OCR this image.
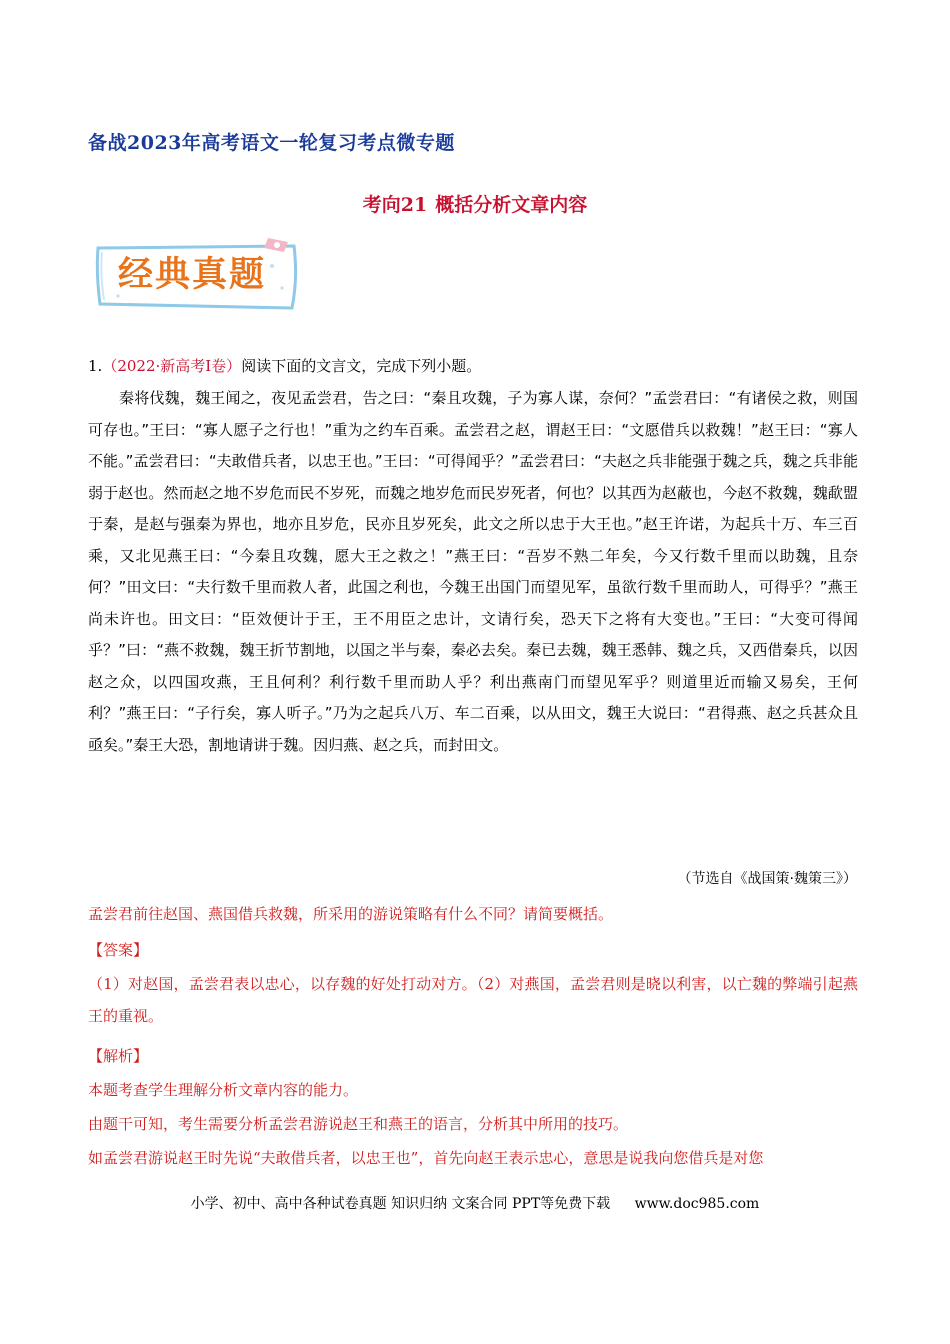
备战2023年高考语文一轮复习考点微专题
考向21 概括分析文章内容
经典真题
1.（2022·新高考I卷）阅读下面的文言文，完成下列小题。
秦将伐魏，魏王闻之，夜见孟尝君，告之曰：“秦且攻魏，子为寡人谋，奈何？”孟尝君曰：“有诸侯之救，则国可存也。”王曰：“寡人愿子之行也！”重为之约车百乘。孟尝君之赵，谓赵王曰：“文愿借兵以救魏！”赵王曰：“寡人不能。”孟尝君曰：“夫敢借兵者，以忠王也。”王曰：“可得闻乎？”孟尝君曰：“夫赵之兵非能强于魏之兵，魏之兵非能弱于赵也。然而赵之地不岁危而民不岁死，而魏之地岁危而民岁死者，何也？以其西为赵蔽也，今赵不救魏，魏歃盟于秦，是赵与强秦为界也，地亦且岁危，民亦且岁死矣，此文之所以忠于大王也。”赵王许诺，为起兵十万、车三百乘，又北见燕王曰：“今秦且攻魏，愿大王之救之！”燕王曰：“吾岁不熟二年矣，今又行数千里而以助魏，且奈何？”田文曰：“夫行数千里而救人者，此国之利也，今魏王出国门而望见军，虽欲行数千里而助人，可得乎？”燕王尚未许也。田文曰：“臣效便计于王，王不用臣之忠计，文请行矣，恐天下之将有大变也。”王曰：“大变可得闻乎？”曰：“燕不救魏，魏王折节割地，以国之半与秦，秦必去矣。秦已去魏，魏王悉韩、魏之兵，又西借秦兵，以因赵之众，以四国攻燕，王且何利？利行数千里而助人乎？利出燕南门而望见军乎？则道里近而输又易矣，王何利？”燕王曰：“子行矣，寡人听子。”乃为之起兵八万、车二百乘，以从田文，魏王大说曰：“君得燕、赵之兵甚众且亟矣。”秦王大恐，割地请讲于魏。因归燕、赵之兵，而封田文。
（节选自《战国策·魏策三》）
孟尝君前往赵国、燕国借兵救魏，所采用的游说策略有什么不同？请简要概括。
【答案】
（1）对赵国，孟尝君表以忠心，以存魏的好处打动对方。（2）对燕国，孟尝君则是晓以利害，以亡魏的弊端引起燕王的重视。
【解析】
本题考查学生理解分析文章内容的能力。
由题干可知，考生需要分析孟尝君游说赵王和燕王的语言，分析其中所用的技巧。
如孟尝君游说赵王时先说“夫敢借兵者，以忠王也”，首先向赵王表示忠心，意思是说我向您借兵是对您
小学、初中、高中各种试卷真题 知识归纳 文案合同 PPT等免费下载 www.doc985.com
